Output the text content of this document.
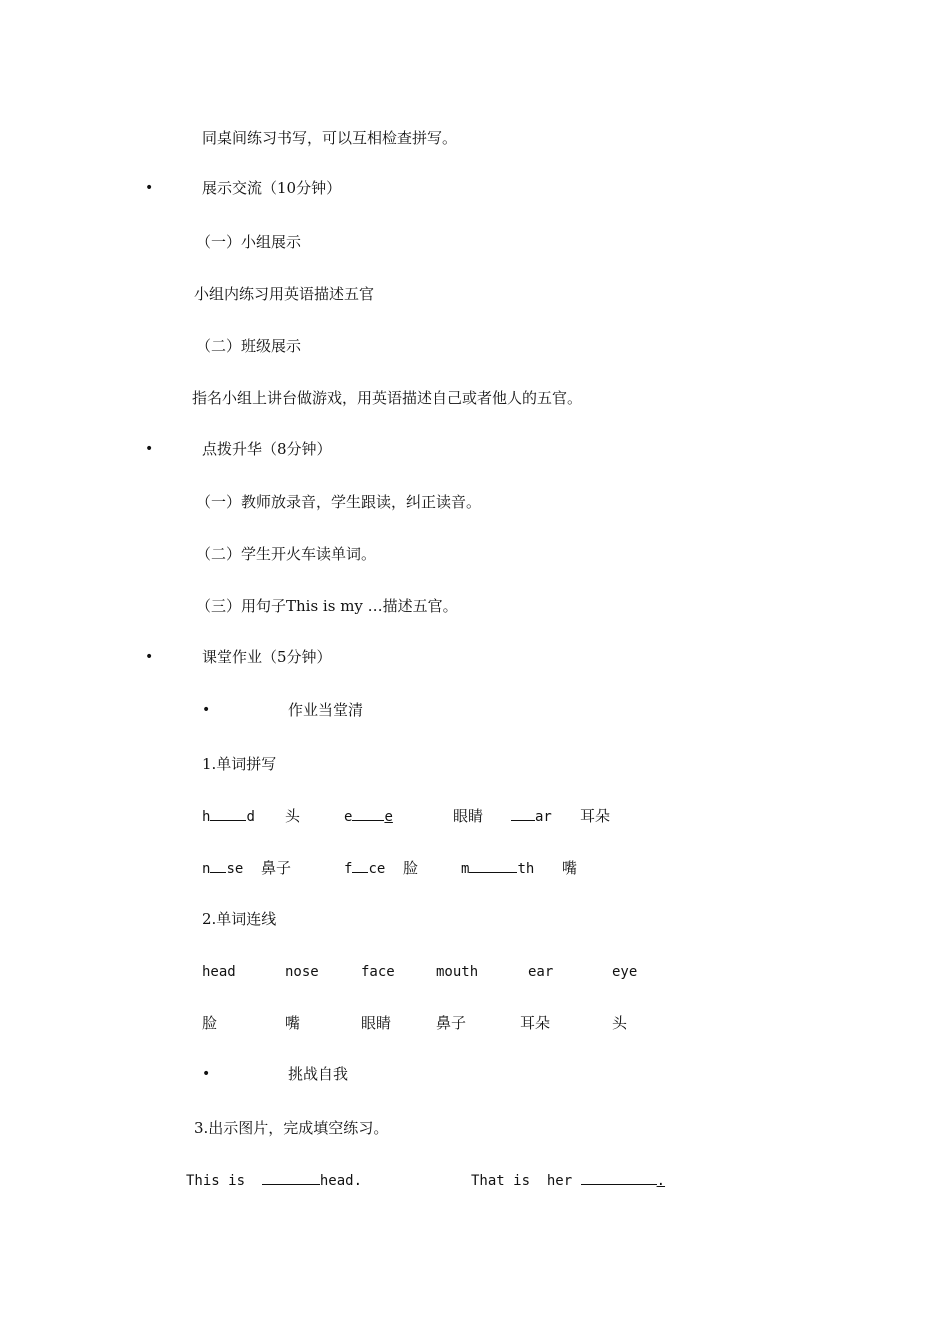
同桌间练习书写，可以互相检查拼写。
•	展示交流（10分钟）
（一）小组展示
小组内练习用英语描述五官
（二）班级展示
指名小组上讲台做游戏，用英语描述自己或者他人的五官。
•	点拨升华（8分钟）
（一）教师放录音，学生跟读，纠正读音。
（二）学生开火车读单词。
（三）用句子This is my …描述五官。
•	课堂作业（5分钟）
•	作业当堂清
1.单词拼写
h	d 头	e e	眼睛	ar 耳朵
n se 鼻子	f ce 脸	m	th 嘴
2.单词连线
head	nose	face	mouth	ear	eye
脸	嘴	眼睛	鼻子	耳朵	头
•	挑战自我
3.出示图片，完成填空练习。
This is	head.	That is  her	.
